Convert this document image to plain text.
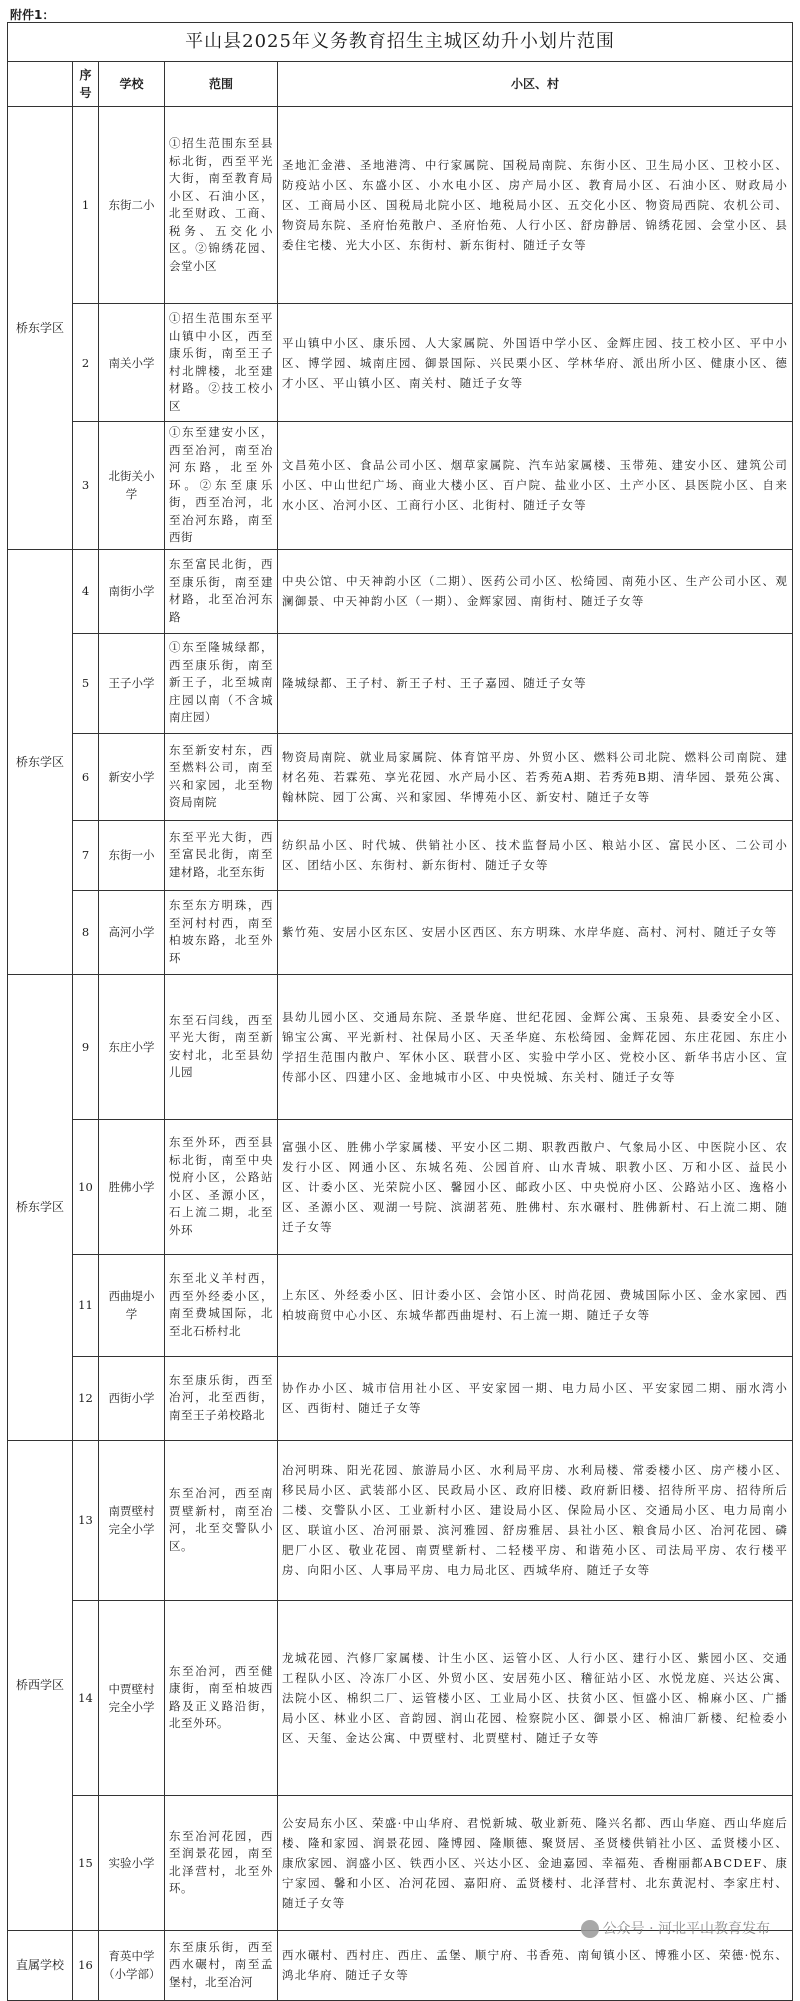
附件1：
平山县2025年义务教育招生主城区幼升小划片范围				
	序号	学校	范围	小区、村
桥东学区	1	东街二小	①招生范围东至县标北街，西至平光大街，南至教育局小区、石油小区，北至财政、工商、税务、五交化小区。②锦绣花园、会堂小区	圣地汇金港、圣地港湾、中行家属院、国税局南院、东街小区、卫生局小区、卫校小区、防疫站小区、东盛小区、小水电小区、房产局小区、教育局小区、石油小区、财政局小区、工商局小区、国税局北院小区、地税局小区、五交化小区、物资局西院、农机公司、物资局东院、圣府怡苑散户、圣府怡苑、人行小区、舒房静居、锦绣花园、会堂小区、县委住宅楼、光大小区、东街村、新东街村、随迁子女等
	2	南关小学	①招生范围东至平山镇中小区，西至康乐街，南至王子村北牌楼，北至建材路。②技工校小区	平山镇中小区、康乐园、人大家属院、外国语中学小区、金辉庄园、技工校小区、平中小区、博学园、城南庄园、御景国际、兴民栗小区、学林华府、派出所小区、健康小区、德才小区、平山镇小区、南关村、随迁子女等
	3	北街关小学	①东至建安小区，西至冶河，南至冶河东路，北至外环。②东至康乐街，西至冶河，北至冶河东路，南至西街	文昌苑小区、食品公司小区、烟草家属院、汽车站家属楼、玉带苑、建安小区、建筑公司小区、中山世纪广场、商业大楼小区、百户院、盐业小区、土产小区、县医院小区、自来水小区、冶河小区、工商行小区、北街村、随迁子女等
桥东学区	4	南街小学	东至富民北街，西至康乐街，南至建材路，北至冶河东路	中央公馆、中天神韵小区（二期）、医药公司小区、松绮园、南苑小区、生产公司小区、观澜御景、中天神韵小区（一期）、金辉家园、南街村、随迁子女等
	5	王子小学	①东至隆城绿都，西至康乐街，南至新王子，北至城南庄园以南（不含城南庄园）	隆城绿都、王子村、新王子村、王子嘉园、随迁子女等
	6	新安小学	东至新安村东，西至燃料公司，南至兴和家园，北至物资局南院	物资局南院、就业局家属院、体育馆平房、外贸小区、燃料公司北院、燃料公司南院、建材名苑、若霖苑、享光花园、水产局小区、若秀苑A期、若秀苑B期、清华园、景苑公寓、翰林院、园丁公寓、兴和家园、华博苑小区、新安村、随迁子女等
	7	东街一小	东至平光大街，西至富民北街，南至建材路，北至东街	纺织品小区、时代城、供销社小区、技术监督局小区、粮站小区、富民小区、二公司小区、团结小区、东街村、新东街村、随迁子女等
	8	高河小学	东至东方明珠，西至河村村西，南至柏坡东路，北至外环	紫竹苑、安居小区东区、安居小区西区、东方明珠、水岸华庭、高村、河村、随迁子女等
桥东学区	9	东庄小学	东至石闫线，西至平光大街，南至新安村北，北至县幼儿园	县幼儿园小区、交通局东院、圣景华庭、世纪花园、金辉公寓、玉泉苑、县委安全小区、锦宝公寓、平光新村、社保局小区、天圣华庭、东松绮园、金辉花园、东庄花园、东庄小学招生范围内散户、军休小区、联营小区、实验中学小区、党校小区、新华书店小区、宣传部小区、四建小区、金地城市小区、中央悦城、东关村、随迁子女等
	10	胜佛小学	东至外环，西至县标北街，南至中央悦府小区，公路站小区、圣源小区，石上流二期，北至外环	富强小区、胜佛小学家属楼、平安小区二期、职教西散户、气象局小区、中医院小区、农发行小区、网通小区、东城名苑、公园首府、山水青城、职教小区、万和小区、益民小区、计委小区、光荣院小区、馨园小区、邮政小区、中央悦府小区、公路站小区、逸格小区、圣源小区、观湖一号院、滨湖茗苑、胜佛村、东水碾村、胜佛新村、石上流二期、随迁子女等
	11	西曲堤小学	东至北义羊村西，西至外经委小区，南至费城国际，北至北石桥村北	上东区、外经委小区、旧计委小区、会馆小区、时尚花园、费城国际小区、金水家园、西柏坡商贸中心小区、东城华都西曲堤村、石上流一期、随迁子女等
	12	西街小学	东至康乐街，西至冶河，北至西街，南至王子弟校路北	协作办小区、城市信用社小区、平安家园一期、电力局小区、平安家园二期、丽水湾小区、西街村、随迁子女等
桥西学区	13	南贾壁村完全小学	东至冶河，西至南贾壁新村，南至冶河，北至交警队小区。	冶河明珠、阳光花园、旅游局小区、水利局平房、水利局楼、常委楼小区、房产楼小区、移民局小区、武装部小区、民政局小区、政府旧楼、政府新旧楼、招待所平房、招待所后二楼、交警队小区、工业新村小区、建设局小区、保险局小区、交通局小区、电力局南小区、联谊小区、冶河丽景、滨河雅园、舒房雅居、县社小区、粮食局小区、冶河花园、磷肥厂小区、敬业花园、南贾壁新村、二轻楼平房、和谐苑小区、司法局平房、农行楼平房、向阳小区、人事局平房、电力局北区、西城华府、随迁子女等
	14	中贾壁村完全小学	东至冶河，西至健康街，南至柏坡西路及正义路沿街，北至外环。	龙城花园、汽修厂家属楼、计生小区、运管小区、人行小区、建行小区、紫园小区、交通工程队小区、冷冻厂小区、外贸小区、安居苑小区、稽征站小区、水悦龙庭、兴达公寓、法院小区、棉织二厂、运管楼小区、工业局小区、扶贫小区、恒盛小区、棉麻小区、广播局小区、林业小区、音韵园、润山花园、检察院小区、御景小区、棉油厂新楼、纪检委小区、天玺、金达公寓、中贾壁村、北贾壁村、随迁子女等
	15	实验小学	东至冶河花园，西至润景花园，南至北泽营村，北至外环。	公安局东小区、荣盛·中山华府、君悦新城、敬业新苑、隆兴名都、西山华庭、西山华庭后楼、隆和家园、润景花园、隆博园、隆顺德、聚贤居、圣贤楼供销社小区、孟贤楼小区、康欣家园、润盛小区、铁西小区、兴达小区、金迪嘉园、幸福苑、香榭丽都ABCDEF、康宁家园、馨和小区、冶河花园、嘉阳府、孟贤楼村、北泽营村、北东黄泥村、李家庄村、随迁子女等
直属学校	16	育英中学（小学部）	东至康乐街，西至西水碾村，南至孟堡村，北至冶河	西水碾村、西村庄、西庄、孟堡、顺宁府、书香苑、南甸镇小区、博雅小区、荣德·悦东、鸿北华府、随迁子女等
公众号 · 河北平山教育发布
